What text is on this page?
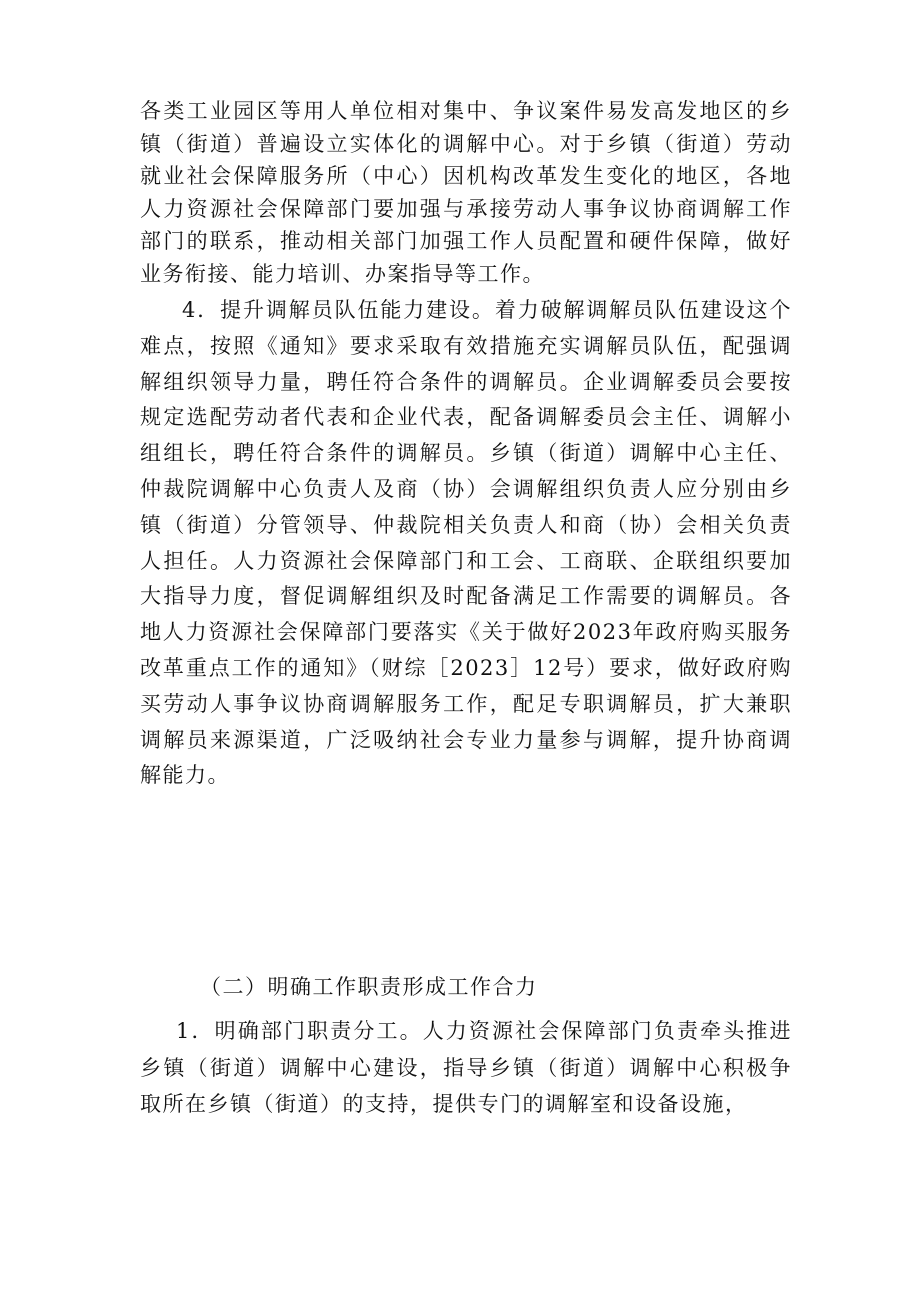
各类工业园区等用人单位相对集中、争议案件易发高发地区的乡镇（街道）普遍设立实体化的调解中心。对于乡镇（街道）劳动就业社会保障服务所（中心）因机构改革发生变化的地区，各地人力资源社会保障部门要加强与承接劳动人事争议协商调解工作部门的联系，推动相关部门加强工作人员配置和硬件保障，做好业务衔接、能力培训、办案指导等工作。

4．提升调解员队伍能力建设。着力破解调解员队伍建设这个难点，按照《通知》要求采取有效措施充实调解员队伍，配强调解组织领导力量，聘任符合条件的调解员。企业调解委员会要按规定选配劳动者代表和企业代表，配备调解委员会主任、调解小组组长，聘任符合条件的调解员。乡镇（街道）调解中心主任、仲裁院调解中心负责人及商（协）会调解组织负责人应分别由乡镇（街道）分管领导、仲裁院相关负责人和商（协）会相关负责人担任。人力资源社会保障部门和工会、工商联、企联组织要加大指导力度，督促调解组织及时配备满足工作需要的调解员。各地人力资源社会保障部门要落实《关于做好2023年政府购买服务改革重点工作的通知》（财综［2023］12号）要求，做好政府购买劳动人事争议协商调解服务工作，配足专职调解员，扩大兼职调解员来源渠道，广泛吸纳社会专业力量参与调解，提升协商调解能力。

（二）明确工作职责形成工作合力

1．明确部门职责分工。人力资源社会保障部门负责牵头推进乡镇（街道）调解中心建设，指导乡镇（街道）调解中心积极争取所在乡镇（街道）的支持，提供专门的调解室和设备设施，
